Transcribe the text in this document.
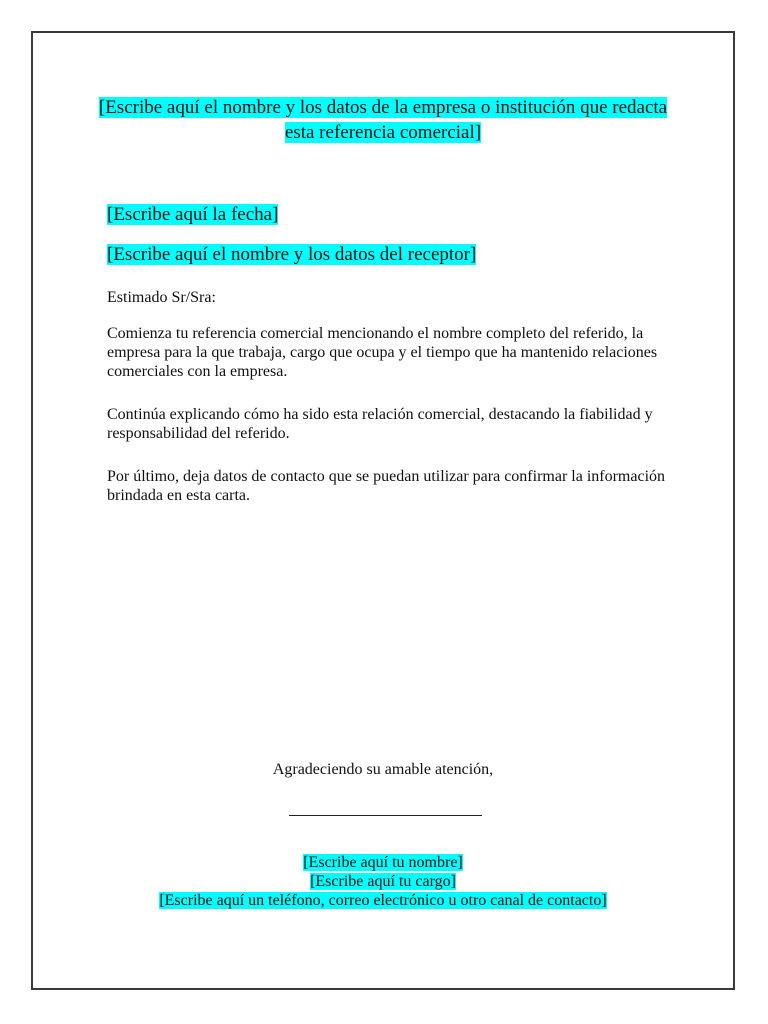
[Escribe aquí el nombre y los datos de la empresa o institución que redacta esta referencia comercial]
[Escribe aquí la fecha]
[Escribe aquí el nombre y los datos del receptor]

Estimado Sr/Sra:

Comienza tu referencia comercial mencionando el nombre completo del referido, la empresa para la que trabaja, cargo que ocupa y el tiempo que ha mantenido relaciones comerciales con la empresa.

Continúa explicando cómo ha sido esta relación comercial, destacando la fiabilidad y responsabilidad del referido.

Por último, deja datos de contacto que se puedan utilizar para confirmar la información brindada en esta carta.

Agradeciendo su amable atención,
[Escribe aquí tu nombre]
[Escribe aquí tu cargo]
[Escribe aquí un teléfono, correo electrónico u otro canal de contacto]
